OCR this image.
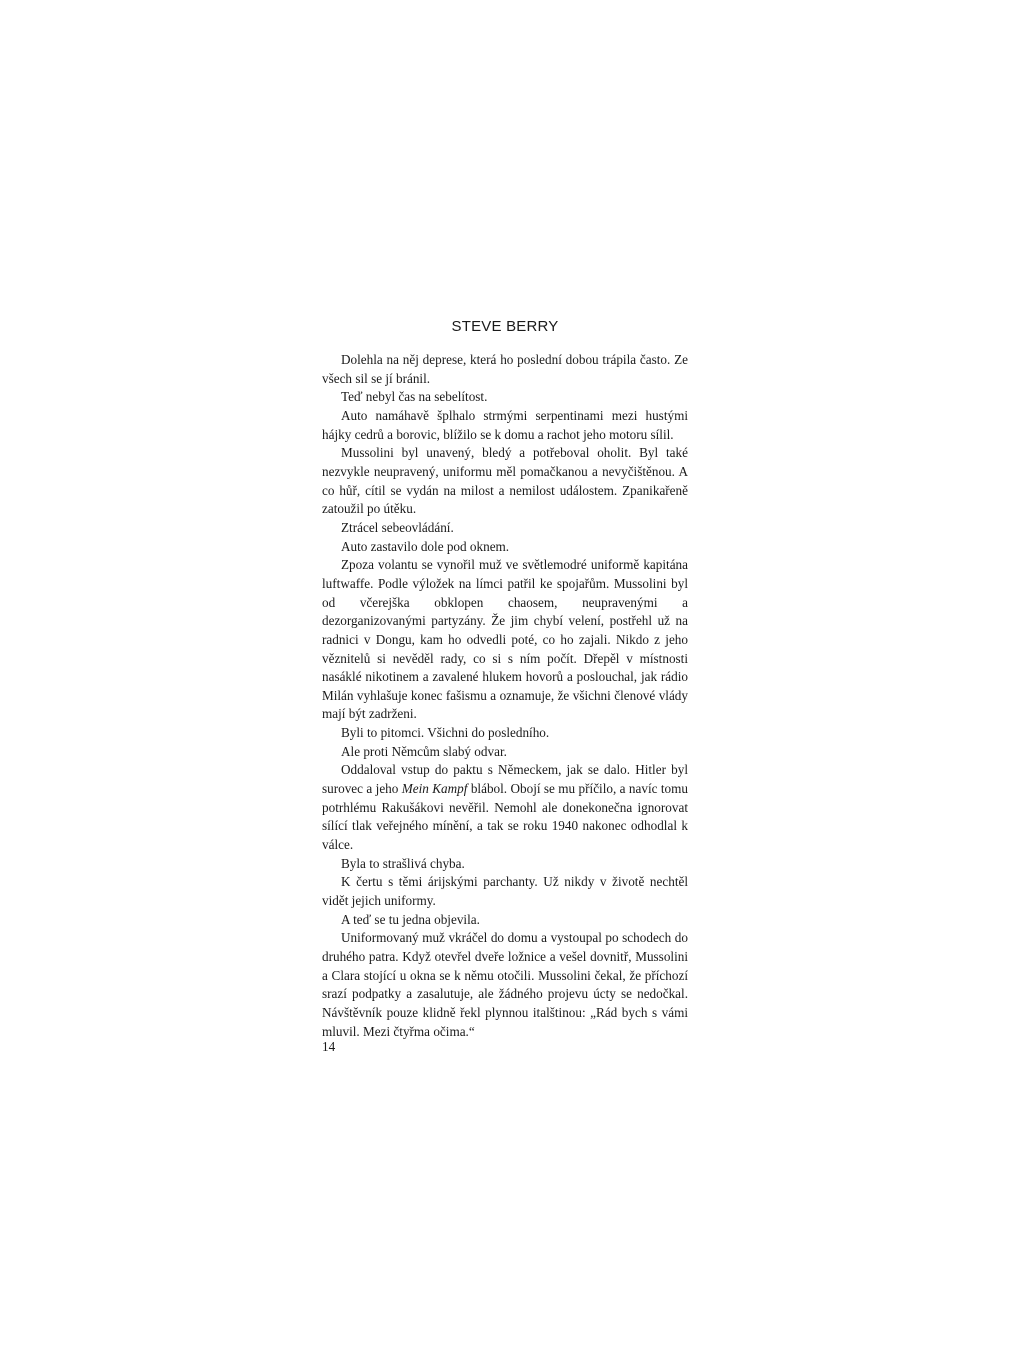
STEVE BERRY

Dolehla na něj deprese, která ho poslední dobou trápila často. Ze všech sil se jí bránil.

Teď nebyl čas na sebelítost.

Auto namáhavě šplhalo strmými serpentinami mezi hustými hájky cedrů a borovic, blížilo se k domu a rachot jeho motoru sílil.

Mussolini byl unavený, bledý a potřeboval oholit. Byl také nezvykle neupravený, uniformu měl pomačkanou a nevyčištěnou. A co hůř, cítil se vydán na milost a nemilost událostem. Zpanikařeně zatoužil po útěku.

Ztrácel sebeovládání.

Auto zastavilo dole pod oknem.

Zpoza volantu se vynořil muž ve světlemodré uniformě kapitána luftwaffe. Podle výložek na límci patřil ke spojařům. Mussolini byl od včerejška obklopen chaosem, neupravenými a dezorganizovanými partyzány. Že jim chybí velení, postřehl už na radnici v Dongu, kam ho odvedli poté, co ho zajali. Nikdo z jeho věznitelů si nevěděl rady, co si s ním počít. Dřepěl v místnosti nasáklé nikotinem a zavalené hlukem hovorů a poslouchal, jak rádio Milán vyhlašuje konec fašismu a oznamuje, že všichni členové vlády mají být zadrženi.

Byli to pitomci. Všichni do posledního.

Ale proti Němcům slabý odvar.

Oddaloval vstup do paktu s Německem, jak se dalo. Hitler byl surovec a jeho Mein Kampf blábol. Obojí se mu příčilo, a navíc tomu potrhlému Rakušákovi nevěřil. Nemohl ale donekonečna ignorovat sílící tlak veřejného mínění, a tak se roku 1940 nakonec odhodlal k válce.

Byla to strašlivá chyba.

K čertu s těmi árijskými parchanty. Už nikdy v životě nechtěl vidět jejich uniformy.

A teď se tu jedna objevila.

Uniformovaný muž vkráčel do domu a vystoupal po schodech do druhého patra. Když otevřel dveře ložnice a vešel dovnitř, Mussolini a Clara stojící u okna se k němu otočili. Mussolini čekal, že příchozí srazí podpatky a zasalutuje, ale žádného projevu úcty se nedočkal. Návštěvník pouze klidně řekl plynnou italštinou: „Rád bych s vámi mluvil. Mezi čtyřma očima.“

14
